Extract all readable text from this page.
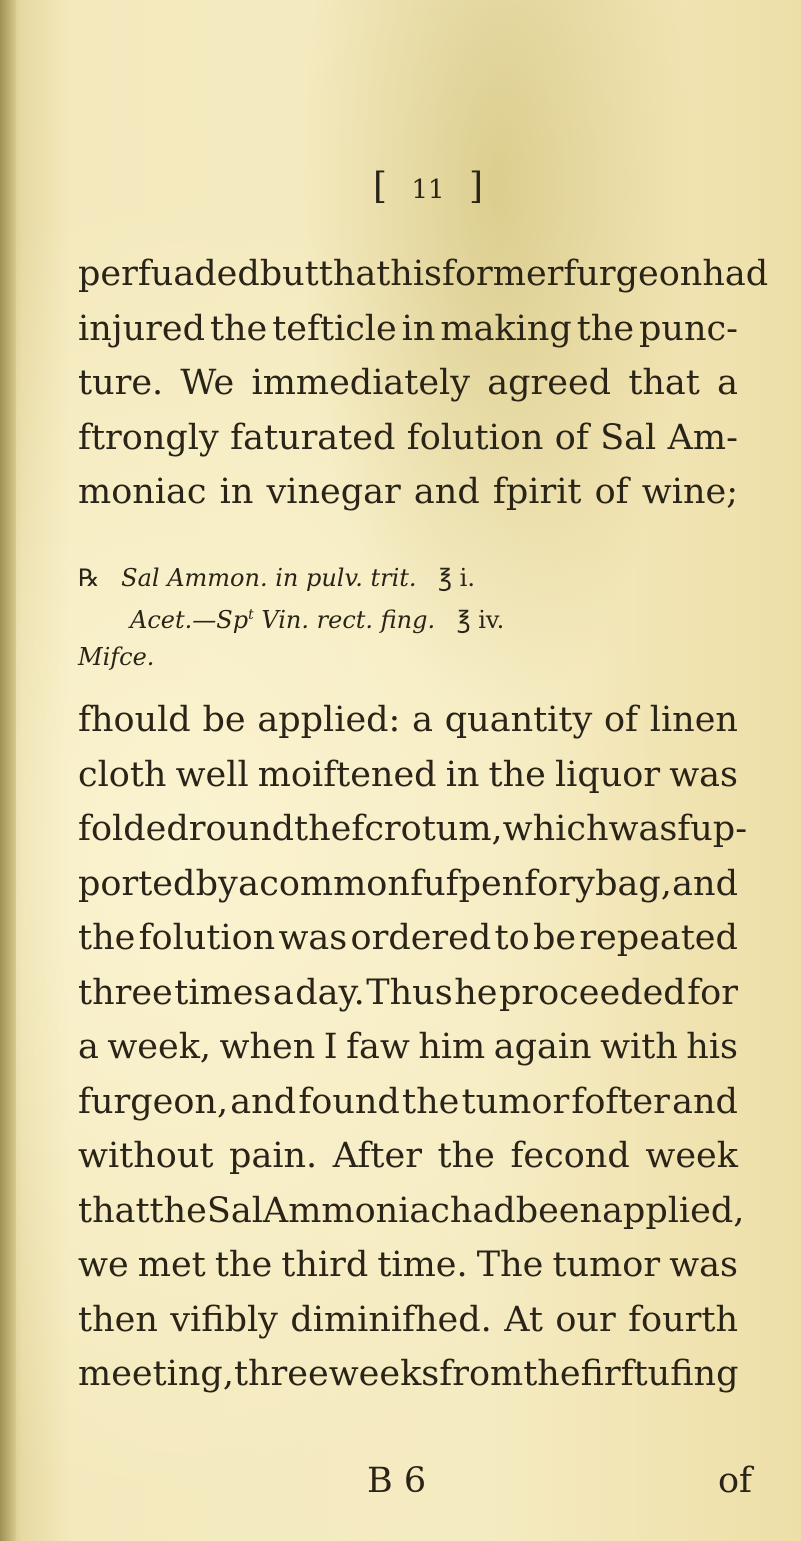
[ 11 ]
perfuaded but that his former furgeon had
injured the tefticle in making the punc-
ture. We immediately agreed that a
ftrongly faturated folution of Sal Am-
moniac in vinegar and fpirit of wine;
℞ Sal Ammon. in pulv. trit. ℥ i.
Acet.—Sp$^t$ Vin. rect. fing. ℥ iv.
Mifce.
fhould be applied: a quantity of linen
cloth well moiftened in the liquor was
folded round the fcrotum, which was fup-
ported by a common fufpenfory bag, and
the folution was ordered to be repeated
three times a day. Thus he proceeded for
a week, when I faw him again with his
furgeon, and found the tumor fofter and
without pain. After the fecond week
that the Sal Ammoniac had been applied,
we met the third time. The tumor was
then vifibly diminifhed. At our fourth
meeting, three weeks from the firft ufing
B 6	of
